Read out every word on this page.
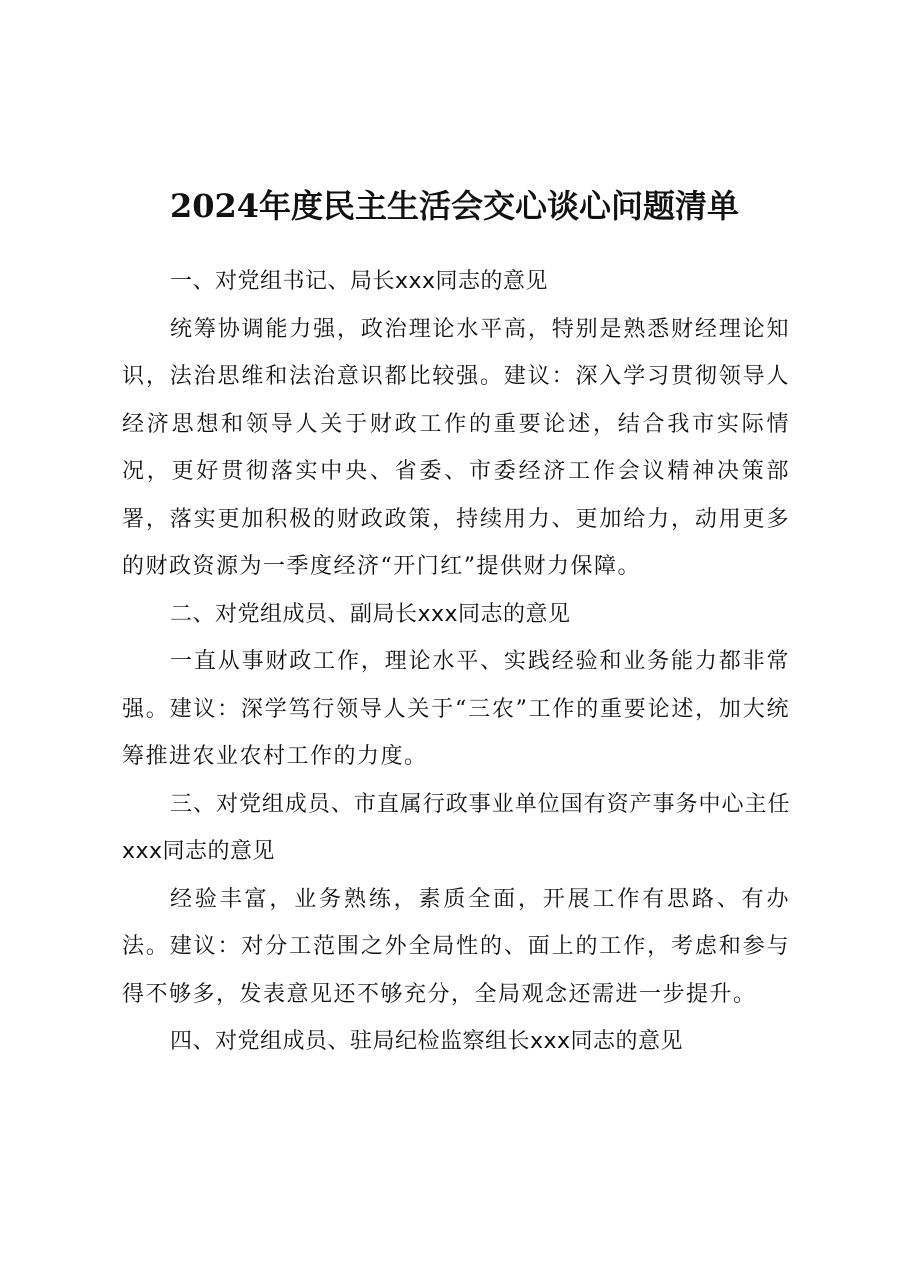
2024年度民主生活会交心谈心问题清单

一、对党组书记、局长xxx同志的意见

统筹协调能力强，政治理论水平高，特别是熟悉财经理论知识，法治思维和法治意识都比较强。建议：深入学习贯彻领导人经济思想和领导人关于财政工作的重要论述，结合我市实际情况，更好贯彻落实中央、省委、市委经济工作会议精神决策部署，落实更加积极的财政政策，持续用力、更加给力，动用更多的财政资源为一季度经济“开门红”提供财力保障。

二、对党组成员、副局长xxx同志的意见

一直从事财政工作，理论水平、实践经验和业务能力都非常强。建议：深学笃行领导人关于“三农”工作的重要论述，加大统筹推进农业农村工作的力度。

三、对党组成员、市直属行政事业单位国有资产事务中心主任xxx同志的意见

经验丰富，业务熟练，素质全面，开展工作有思路、有办法。建议：对分工范围之外全局性的、面上的工作，考虑和参与得不够多，发表意见还不够充分，全局观念还需进一步提升。

四、对党组成员、驻局纪检监察组长xxx同志的意见
